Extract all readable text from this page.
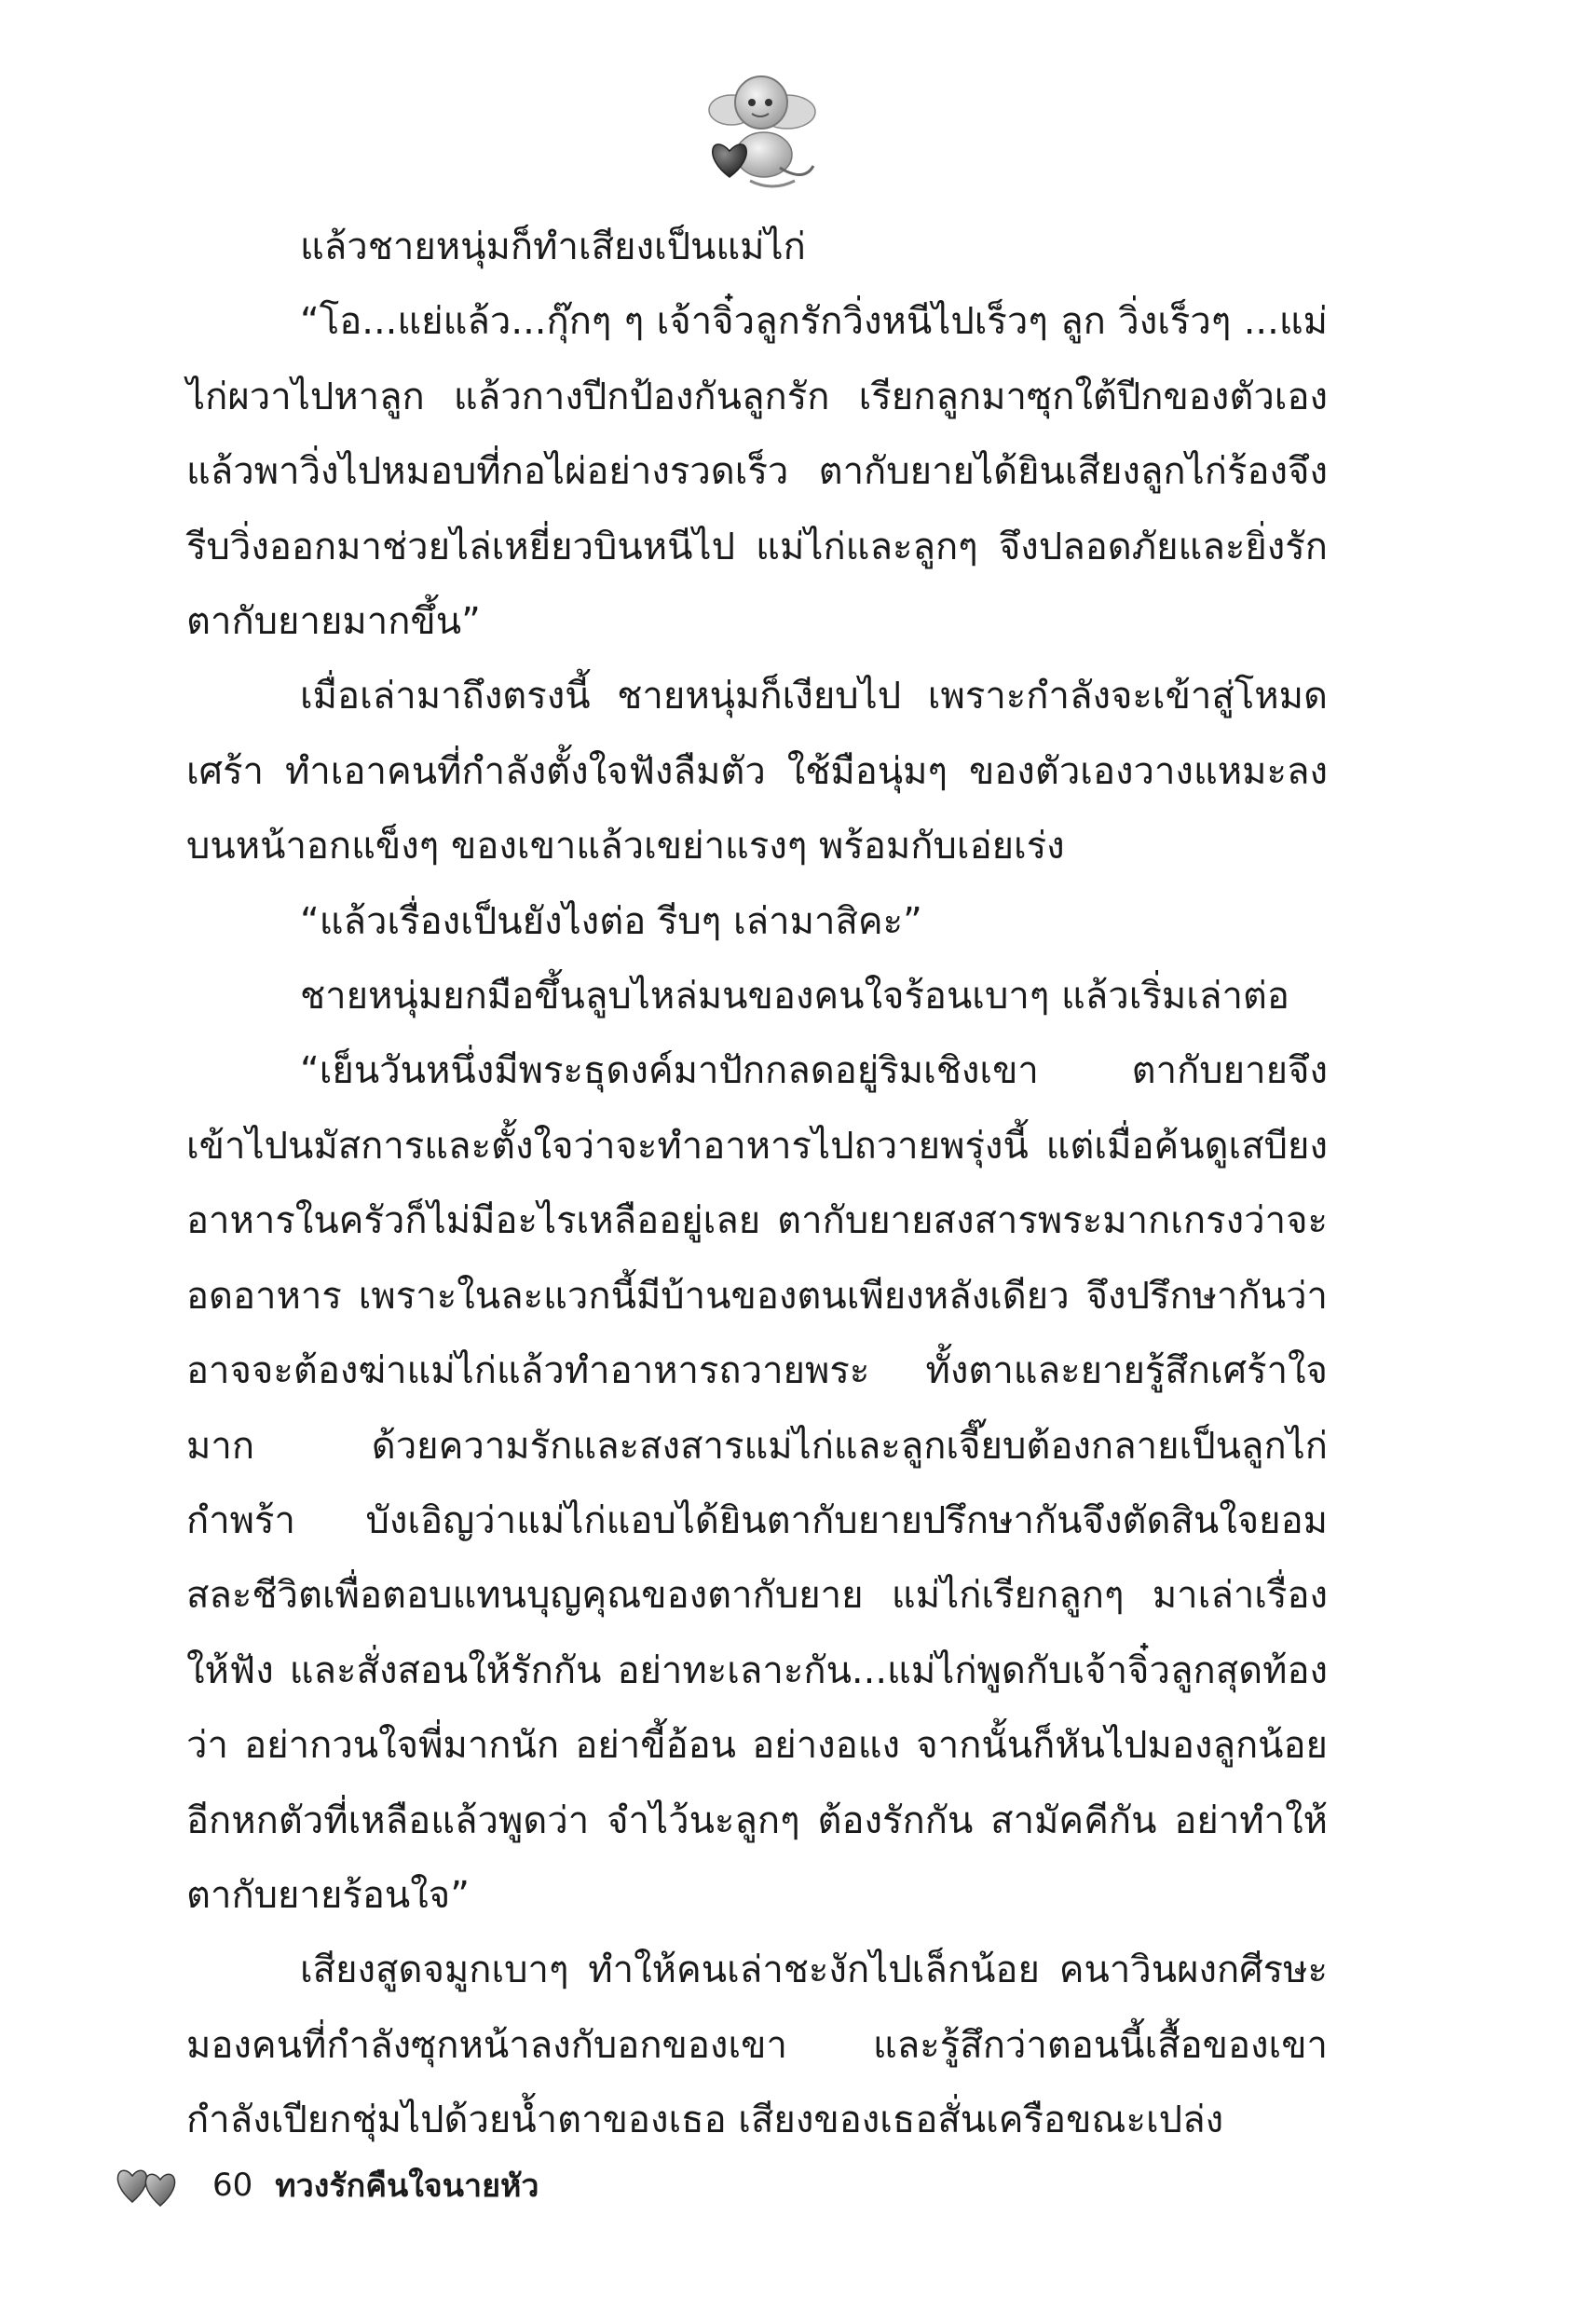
แล้วชายหนุ่มก็ทำเสียงเป็นแม่ไก่

“โอ...แย่แล้ว...กุ๊กๆ ๆ เจ้าจิ๋วลูกรักวิ่งหนีไปเร็วๆ ลูก วิ่งเร็วๆ ...แม่ไก่ผวาไปหาลูก แล้วกางปีกป้องกันลูกรัก เรียกลูกมาซุกใต้ปีกของตัวเองแล้วพาวิ่งไปหมอบที่กอไผ่อย่างรวดเร็ว ตากับยายได้ยินเสียงลูกไก่ร้องจึงรีบวิ่งออกมาช่วยไล่เหยี่ยวบินหนีไป แม่ไก่และลูกๆ จึงปลอดภัยและยิ่งรักตากับยายมากขึ้น”

เมื่อเล่ามาถึงตรงนี้ ชายหนุ่มก็เงียบไป เพราะกำลังจะเข้าสู่โหมดเศร้า ทำเอาคนที่กำลังตั้งใจฟังลืมตัว ใช้มือนุ่มๆ ของตัวเองวางแหมะลงบนหน้าอกแข็งๆ ของเขาแล้วเขย่าแรงๆ พร้อมกับเอ่ยเร่ง

“แล้วเรื่องเป็นยังไงต่อ รีบๆ เล่ามาสิคะ”

ชายหนุ่มยกมือขึ้นลูบไหล่มนของคนใจร้อนเบาๆ แล้วเริ่มเล่าต่อ

“เย็นวันหนึ่งมีพระธุดงค์มาปักกลดอยู่ริมเชิงเขา ตากับยายจึงเข้าไปนมัสการและตั้งใจว่าจะทำอาหารไปถวายพรุ่งนี้ แต่เมื่อค้นดูเสบียงอาหารในครัวก็ไม่มีอะไรเหลืออยู่เลย ตากับยายสงสารพระมากเกรงว่าจะอดอาหาร เพราะในละแวกนี้มีบ้านของตนเพียงหลังเดียว จึงปรึกษากันว่าอาจจะต้องฆ่าแม่ไก่แล้วทำอาหารถวายพระ ทั้งตาและยายรู้สึกเศร้าใจมาก ด้วยความรักและสงสารแม่ไก่และลูกเจี๊ยบต้องกลายเป็นลูกไก่กำพร้า บังเอิญว่าแม่ไก่แอบได้ยินตากับยายปรึกษากันจึงตัดสินใจยอมสละชีวิตเพื่อตอบแทนบุญคุณของตากับยาย แม่ไก่เรียกลูกๆ มาเล่าเรื่องให้ฟัง และสั่งสอนให้รักกัน อย่าทะเลาะกัน...แม่ไก่พูดกับเจ้าจิ๋วลูกสุดท้องว่า อย่ากวนใจพี่มากนัก อย่าขี้อ้อน อย่างอแง จากนั้นก็หันไปมองลูกน้อยอีกหกตัวที่เหลือแล้วพูดว่า จำไว้นะลูกๆ ต้องรักกัน สามัคคีกัน อย่าทำให้ตากับยายร้อนใจ”

เสียงสูดจมูกเบาๆ ทำให้คนเล่าชะงักไปเล็กน้อย คนาวินผงกศีรษะมองคนที่กำลังซุกหน้าลงกับอกของเขา และรู้สึกว่าตอนนี้เสื้อของเขากำลังเปียกชุ่มไปด้วยน้ำตาของเธอ เสียงของเธอสั่นเครือขณะเปล่ง

60 ทวงรักคืนใจนายหัว
